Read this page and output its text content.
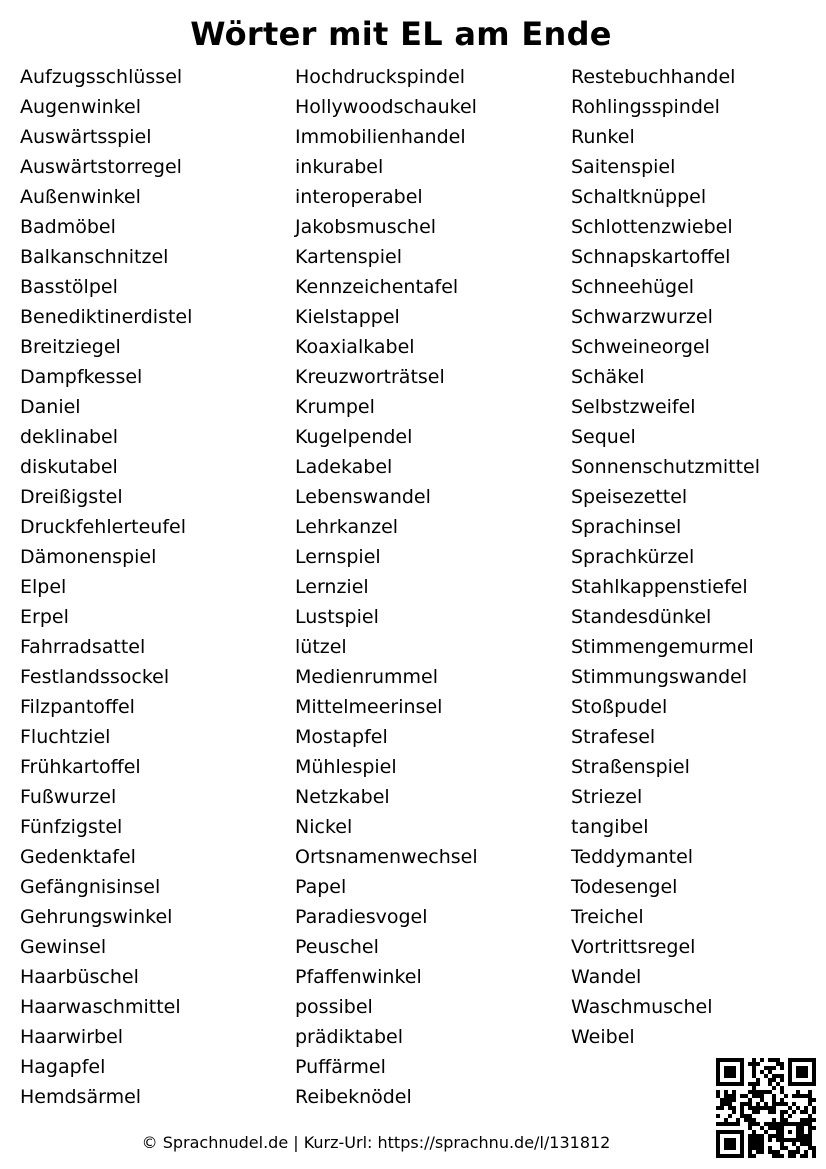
Wörter mit EL am Ende
Aufzugsschlüssel
Augenwinkel
Auswärtsspiel
Auswärtstorregel
Außenwinkel
Badmöbel
Balkanschnitzel
Basstölpel
Benediktinerdistel
Breitziegel
Dampfkessel
Daniel
deklinabel
diskutabel
Dreißigstel
Druckfehlerteufel
Dämonenspiel
Elpel
Erpel
Fahrradsattel
Festlandssockel
Filzpantoffel
Fluchtziel
Frühkartoffel
Fußwurzel
Fünfzigstel
Gedenktafel
Gefängnisinsel
Gehrungswinkel
Gewinsel
Haarbüschel
Haarwaschmittel
Haarwirbel
Hagapfel
Hemdsärmel
Hochdruckspindel
Hollywoodschaukel
Immobilienhandel
inkurabel
interoperabel
Jakobsmuschel
Kartenspiel
Kennzeichentafel
Kielstappel
Koaxialkabel
Kreuzworträtsel
Krumpel
Kugelpendel
Ladekabel
Lebenswandel
Lehrkanzel
Lernspiel
Lernziel
Lustspiel
lützel
Medienrummel
Mittelmeerinsel
Mostapfel
Mühlespiel
Netzkabel
Nickel
Ortsnamenwechsel
Papel
Paradiesvogel
Peuschel
Pfaffenwinkel
possibel
prädiktabel
Puffärmel
Reibeknödel
Restebuchhandel
Rohlingsspindel
Runkel
Saitenspiel
Schaltknüppel
Schlottenzwiebel
Schnapskartoffel
Schneehügel
Schwarzwurzel
Schweineorgel
Schäkel
Selbstzweifel
Sequel
Sonnenschutzmittel
Speisezettel
Sprachinsel
Sprachkürzel
Stahlkappenstiefel
Standesdünkel
Stimmengemurmel
Stimmungswandel
Stoßpudel
Strafesel
Straßenspiel
Striezel
tangibel
Teddymantel
Todesengel
Treichel
Vortrittsregel
Wandel
Waschmuschel
Weibel
© Sprachnudel.de | Kurz-Url: https://sprachnu.de/l/131812
